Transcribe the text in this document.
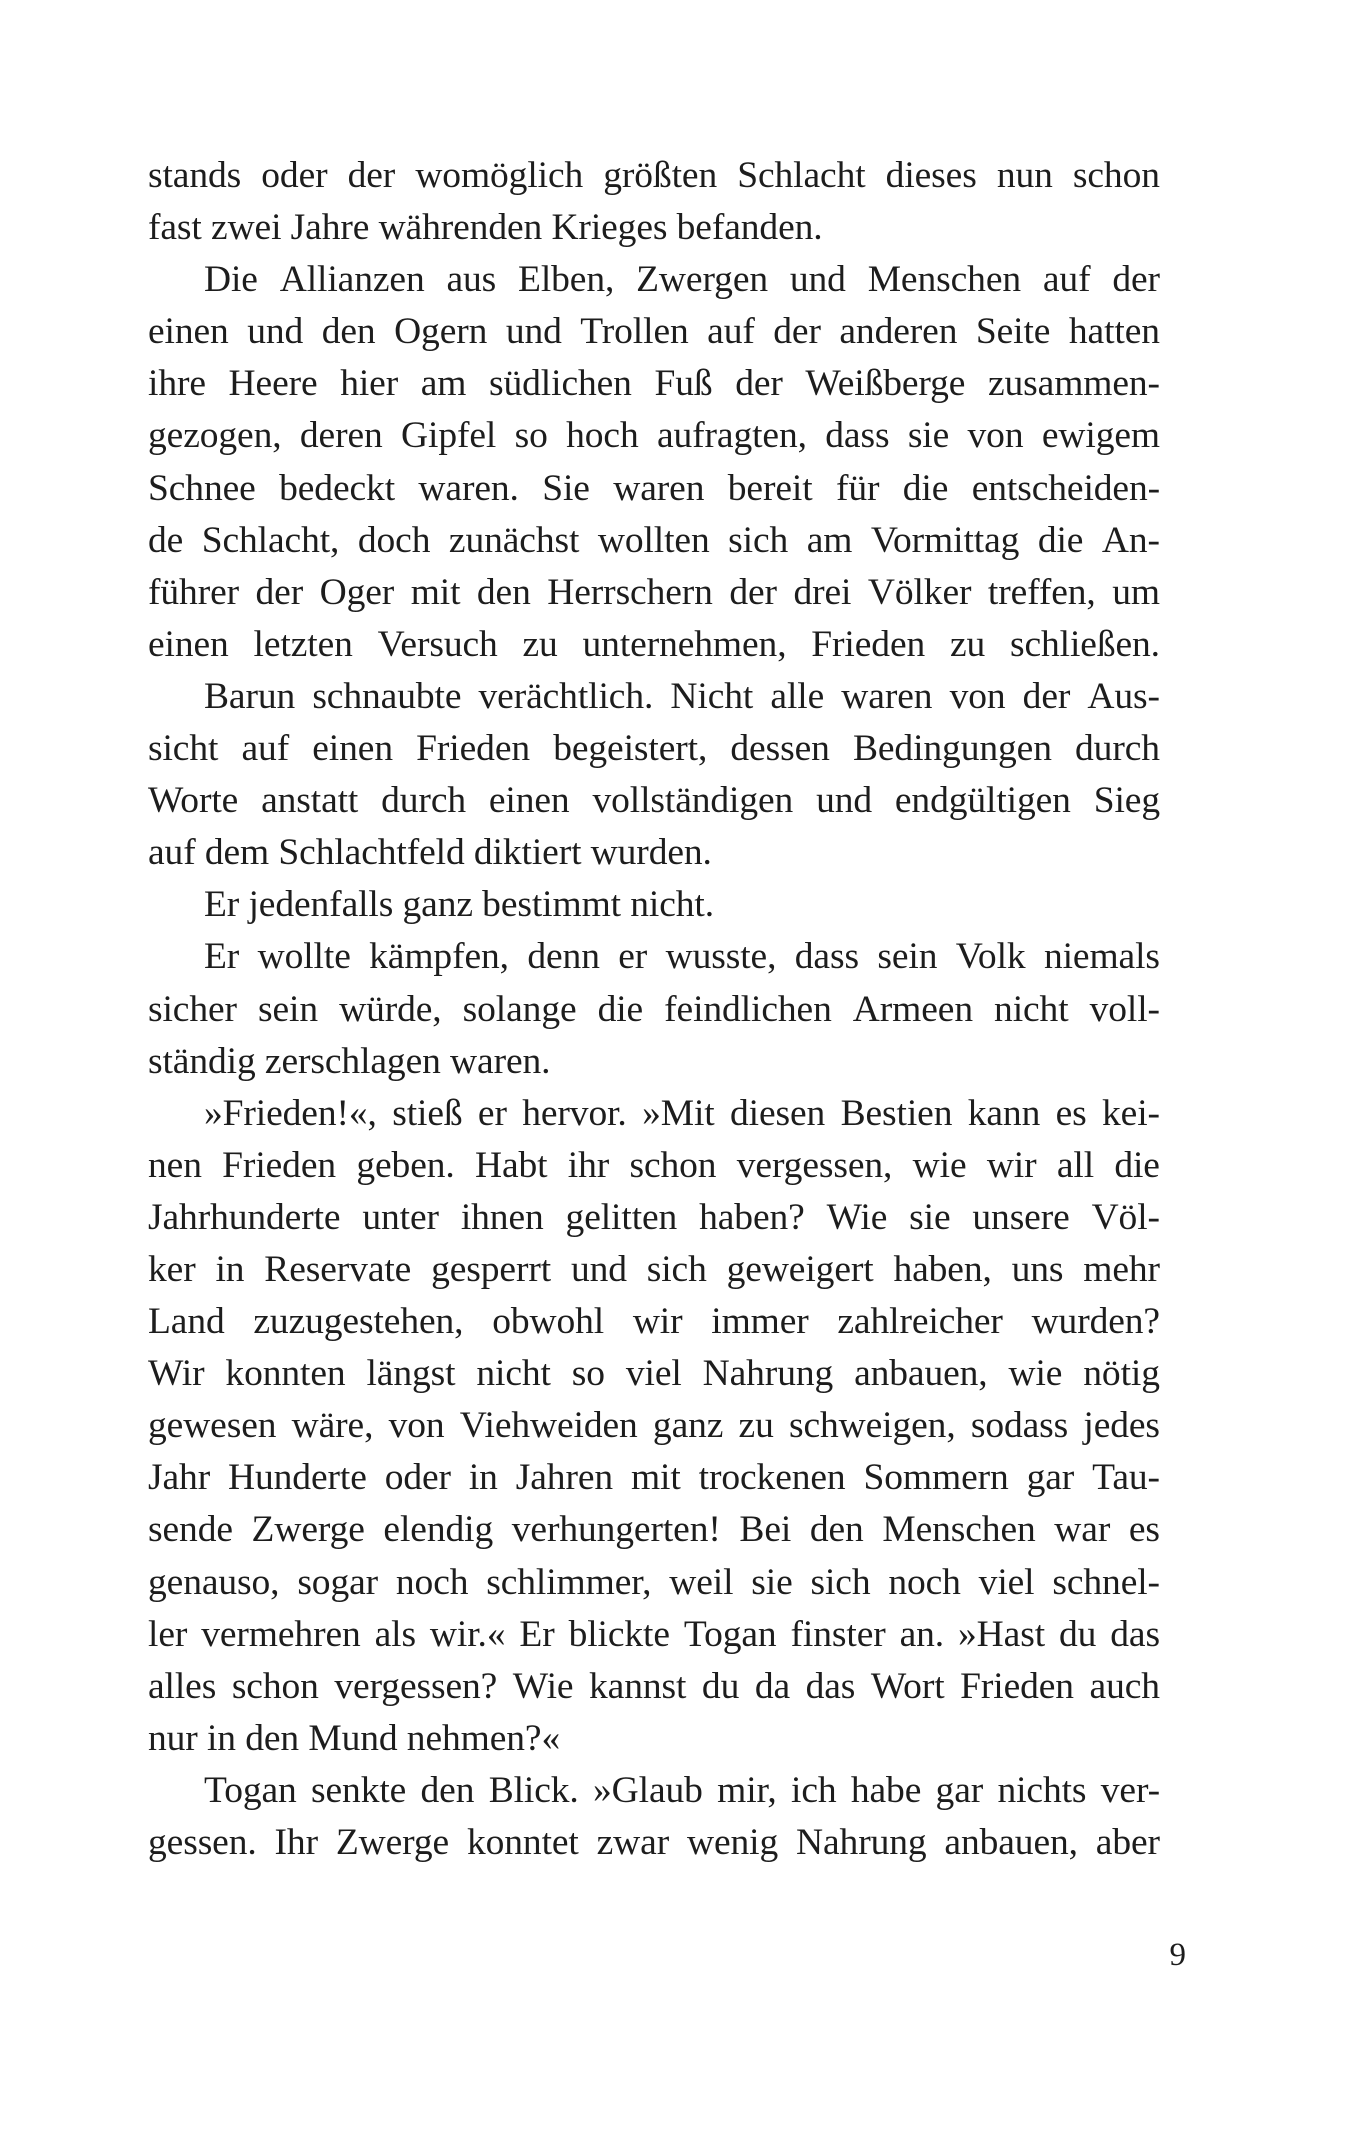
stands oder der womöglich größten Schlacht dieses nun schon
fast zwei Jahre währenden Krieges befanden.
Die Allianzen aus Elben, Zwergen und Menschen auf der
einen und den Ogern und Trollen auf der anderen Seite hatten
ihre Heere hier am südlichen Fuß der Weißberge zusammen-
gezogen, deren Gipfel so hoch aufragten, dass sie von ewigem
Schnee bedeckt waren. Sie waren bereit für die entscheiden-
de Schlacht, doch zunächst wollten sich am Vormittag die An-
führer der Oger mit den Herrschern der drei Völker treffen, um
einen letzten Versuch zu unternehmen, Frieden zu schließen.
Barun schnaubte verächtlich. Nicht alle waren von der Aus-
sicht auf einen Frieden begeistert, dessen Bedingungen durch
Worte anstatt durch einen vollständigen und endgültigen Sieg
auf dem Schlachtfeld diktiert wurden.
Er jedenfalls ganz bestimmt nicht.
Er wollte kämpfen, denn er wusste, dass sein Volk niemals
sicher sein würde, solange die feindlichen Armeen nicht voll-
ständig zerschlagen waren.
»Frieden!«, stieß er hervor. »Mit diesen Bestien kann es kei-
nen Frieden geben. Habt ihr schon vergessen, wie wir all die
Jahrhunderte unter ihnen gelitten haben? Wie sie unsere Völ-
ker in Reservate gesperrt und sich geweigert haben, uns mehr
Land zuzugestehen, obwohl wir immer zahlreicher wurden?
Wir konnten längst nicht so viel Nahrung anbauen, wie nötig
gewesen wäre, von Viehweiden ganz zu schweigen, sodass jedes
Jahr Hunderte oder in Jahren mit trockenen Sommern gar Tau-
sende Zwerge elendig verhungerten! Bei den Menschen war es
genauso, sogar noch schlimmer, weil sie sich noch viel schnel-
ler vermehren als wir.« Er blickte Togan finster an. »Hast du das
alles schon vergessen? Wie kannst du da das Wort Frieden auch
nur in den Mund nehmen?«
Togan senkte den Blick. »Glaub mir, ich habe gar nichts ver-
gessen. Ihr Zwerge konntet zwar wenig Nahrung anbauen, aber
9
